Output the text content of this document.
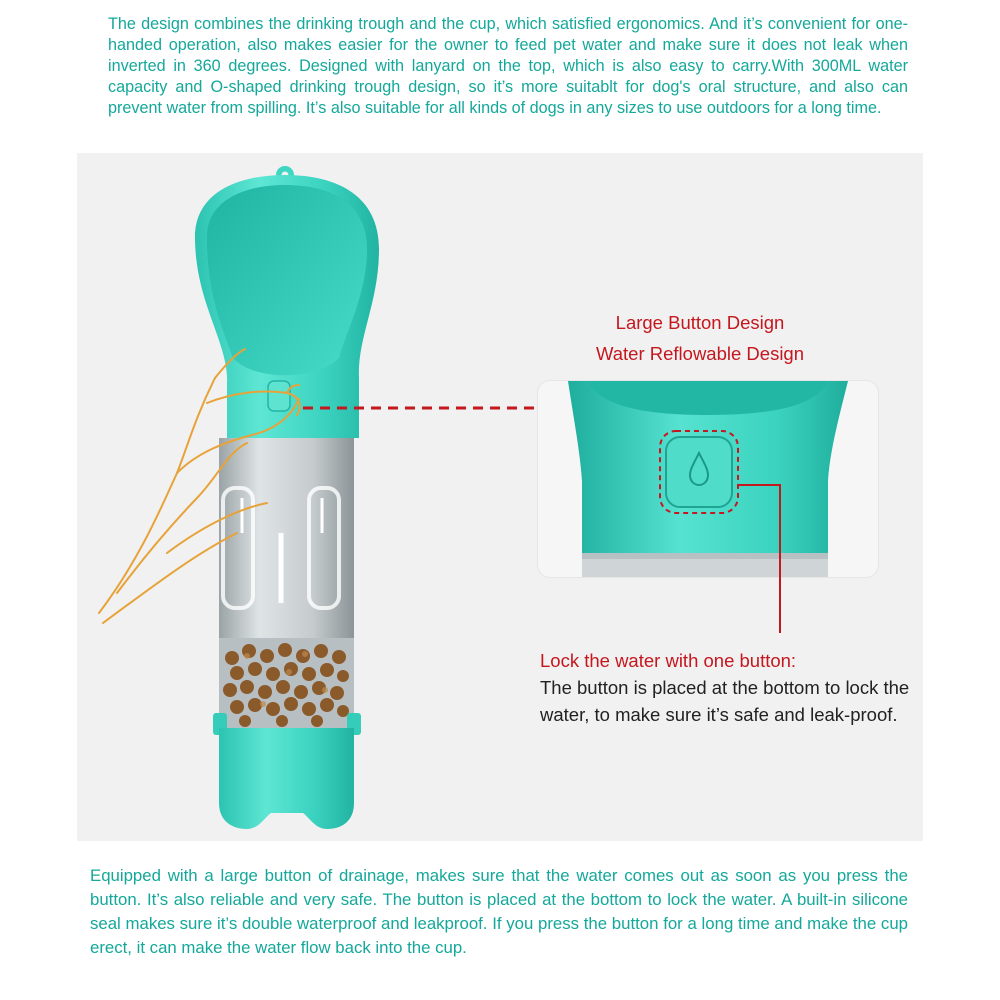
The design combines the drinking trough and the cup, which satisfied ergonomics. And it’s convenient for one-handed operation, also makes easier for the owner to feed pet water and make sure it does not leak when inverted in 360 degrees. Designed with lanyard on the top, which is also easy to carry.With 300ML water capacity and O-shaped drinking trough design, so it’s more suitablt for dog's oral structure, and also can prevent water from spilling. It’s also suitable for all kinds of dogs in any sizes to use outdoors for a long time.

Large Button Design
Water Reflowable Design
Lock the water with one button:
The button is placed at the bottom to lock the water, to make sure it’s safe and leak-proof.

Equipped with a large button of drainage, makes sure that the water comes out as soon as you press the button. It’s also reliable and very safe. The button is placed at the bottom to lock the water. A built-in silicone seal makes sure it’s double waterproof and leakproof. If you press the button for a long time and make the cup erect, it can make the water flow back into the cup.
